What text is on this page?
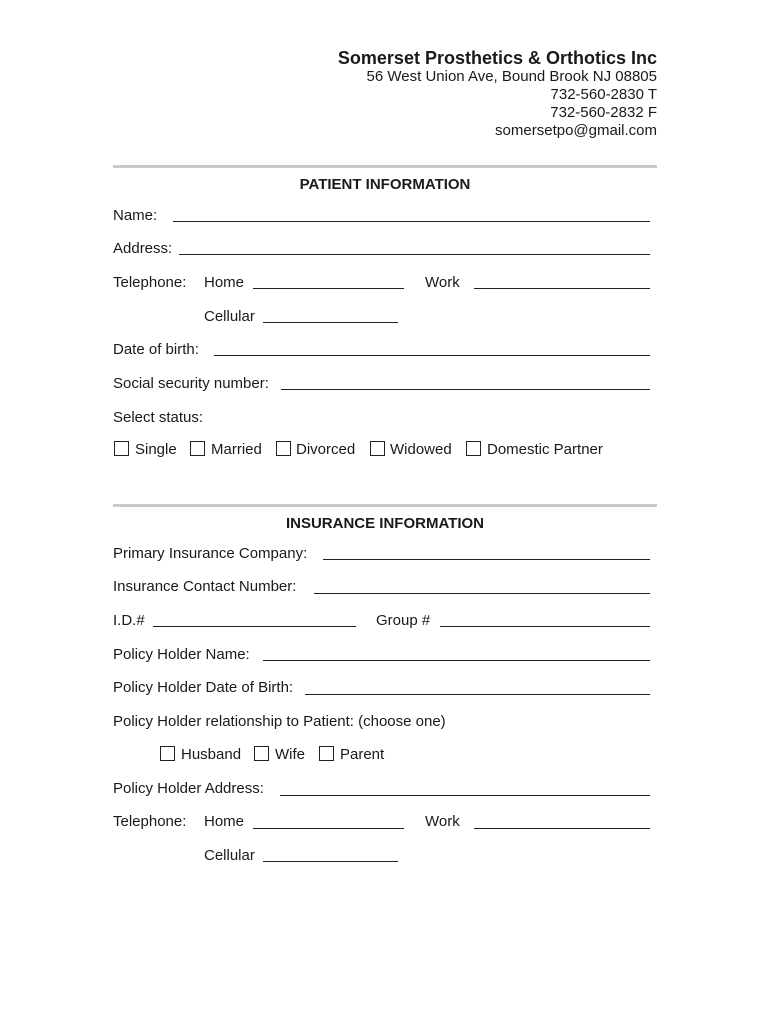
Somerset Prosthetics & Orthotics Inc
56 West Union Ave, Bound Brook NJ 08805
732-560-2830 T
732-560-2832 F
somersetpo@gmail.com
PATIENT INFORMATION
Name:
Address:
Telephone: Home	Work
Cellular
Date of birth:
Social security number:
Select status:
Single Married Divorced Widowed Domestic Partner
INSURANCE INFORMATION
Primary Insurance Company:
Insurance Contact Number:
I.D.#	Group #
Policy Holder Name:
Policy Holder Date of Birth:
Policy Holder relationship to Patient: (choose one)
Husband Wife Parent
Policy Holder Address:
Telephone: Home	Work
Cellular
